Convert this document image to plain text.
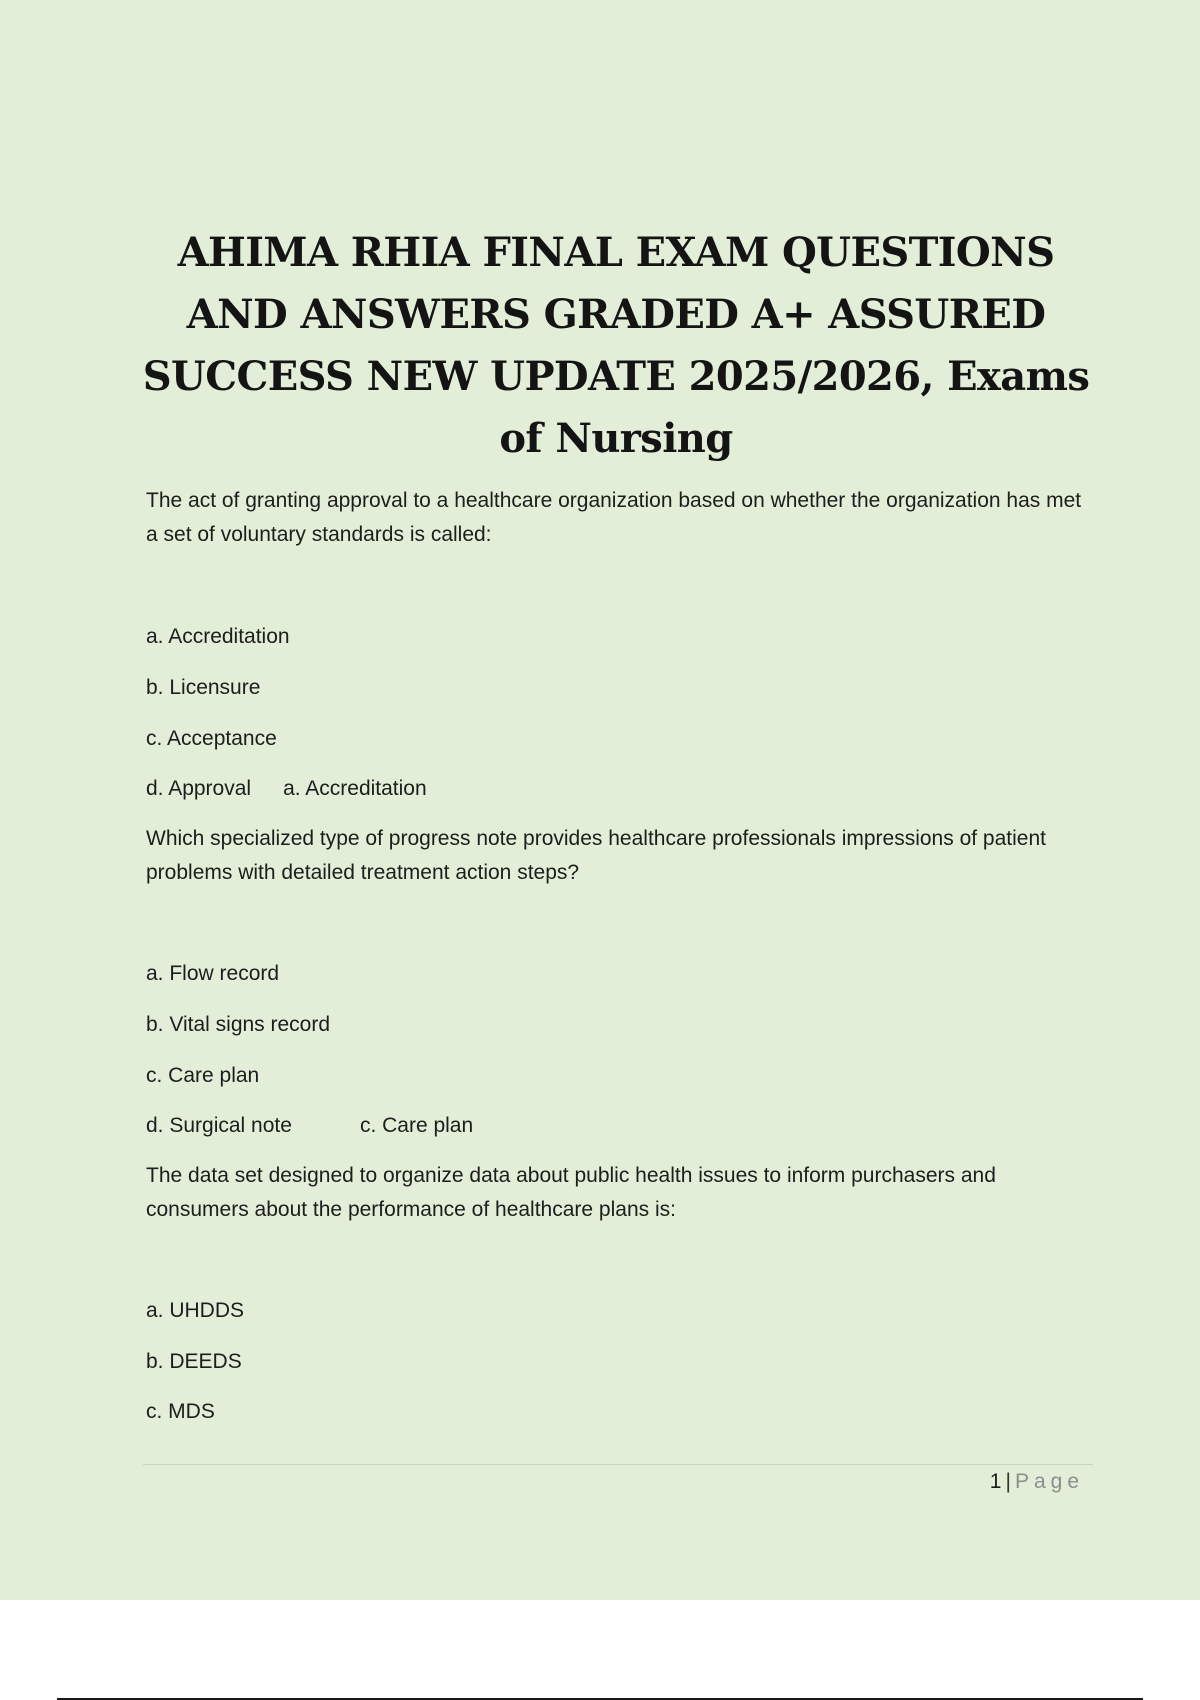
AHIMA RHIA FINAL EXAM QUESTIONS AND ANSWERS GRADED A+ ASSURED SUCCESS NEW UPDATE 2025/2026, Exams of Nursing

The act of granting approval to a healthcare organization based on whether the organization has met a set of voluntary standards is called:

a. Accreditation

b. Licensure

c. Acceptance

d. Approval a. Accreditation

Which specialized type of progress note provides healthcare professionals impressions of patient problems with detailed treatment action steps?

a. Flow record

b. Vital signs record

c. Care plan

d. Surgical note	c. Care plan

The data set designed to organize data about public health issues to inform purchasers and consumers about the performance of healthcare plans is:

a. UHDDS

b. DEEDS

c. MDS

1 | Page
